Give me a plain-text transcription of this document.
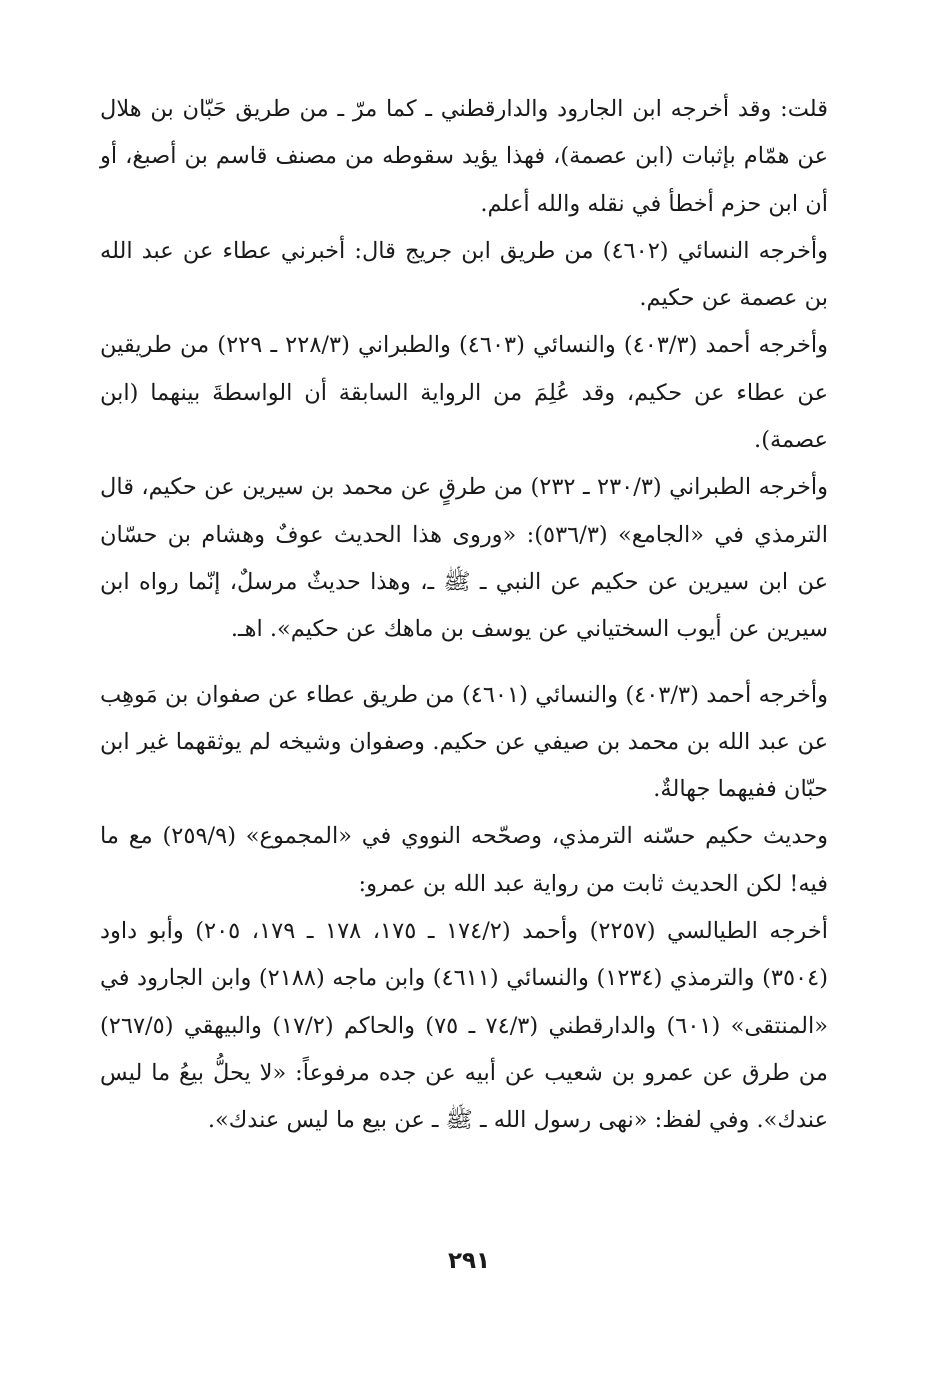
قلت: وقد أخرجه ابن الجارود والدارقطني ـ كما مرّ ـ من طريق حَبّان بن هلال عن همّام بإثبات (ابن عصمة)، فهذا يؤيد سقوطه من مصنف قاسم بن أصبغ، أو أن ابن حزم أخطأ في نقله والله أعلم.

وأخرجه النسائي (٤٦٠٢) من طريق ابن جريج قال: أخبرني عطاء عن عبد الله بن عصمة عن حكيم.

وأخرجه أحمد (٤٠٣/٣) والنسائي (٤٦٠٣) والطبراني (٢٢٨/٣ ـ ٢٢٩) من طريقين عن عطاء عن حكيم، وقد عُلِمَ من الرواية السابقة أن الواسطةَ بينهما (ابن عصمة).

وأخرجه الطبراني (٢٣٠/٣ ـ ٢٣٢) من طرقٍ عن محمد بن سيرين عن حكيم، قال الترمذي في «الجامع» (٥٣٦/٣): «وروى هذا الحديث عوفٌ وهشام بن حسّان عن ابن سيرين عن حكيم عن النبي ـ ﷺ ـ، وهذا حديثٌ مرسلٌ، إنّما رواه ابن سيرين عن أيوب السختياني عن يوسف بن ماهك عن حكيم». اهـ.

وأخرجه أحمد (٤٠٣/٣) والنسائي (٤٦٠١) من طريق عطاء عن صفوان بن مَوهِب عن عبد الله بن محمد بن صيفي عن حكيم. وصفوان وشيخه لم يوثقهما غير ابن حبّان ففيهما جهالةٌ.

وحديث حكيم حسّنه الترمذي، وصحّحه النووي في «المجموع» (٢٥٩/٩) مع ما فيه! لكن الحديث ثابت من رواية عبد الله بن عمرو:

أخرجه الطيالسي (٢٢٥٧) وأحمد (١٧٤/٢ ـ ١٧٥، ١٧٨ ـ ١٧٩، ٢٠٥) وأبو داود (٣٥٠٤) والترمذي (١٢٣٤) والنسائي (٤٦١١) وابن ماجه (٢١٨٨) وابن الجارود في «المنتقى» (٦٠١) والدارقطني (٧٤/٣ ـ ٧٥) والحاكم (١٧/٢) والبيهقي (٢٦٧/٥) من طرق عن عمرو بن شعيب عن أبيه عن جده مرفوعاً: «لا يحلُّ بيعُ ما ليس عندك». وفي لفظ: «نهى رسول الله ـ ﷺ ـ عن بيع ما ليس عندك».

٢٩١
